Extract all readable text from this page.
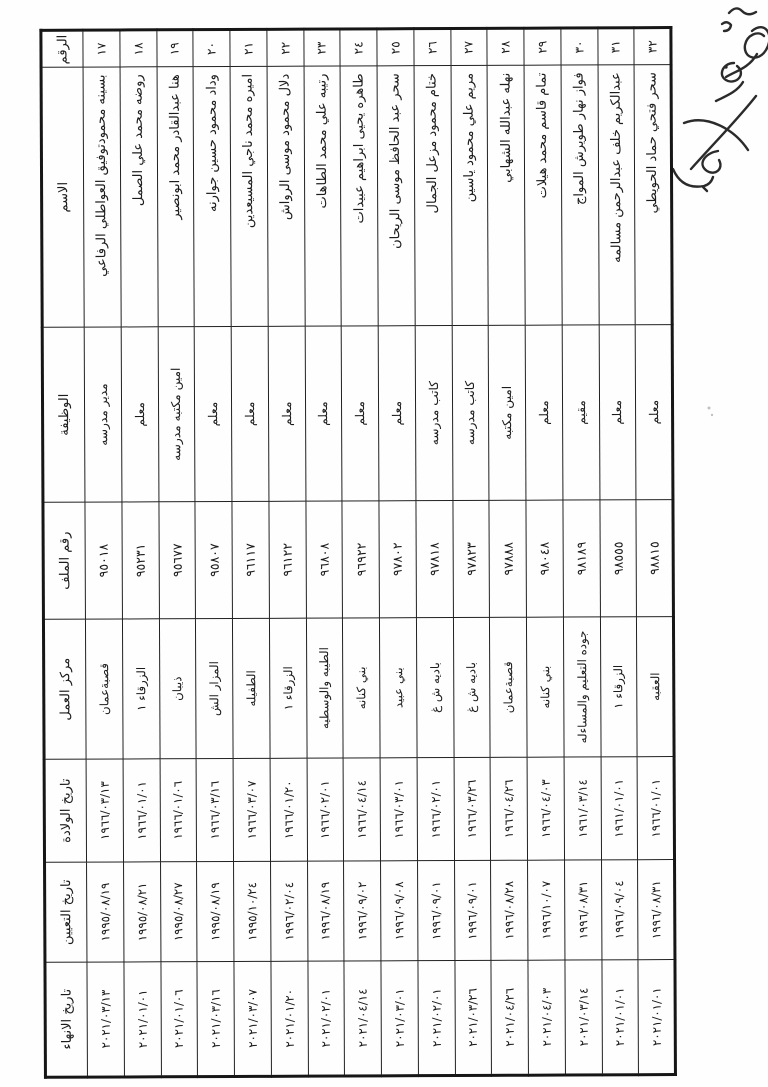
الرقم	الاسم	الوظيفة	رقم الملف	مركز العمل	تاريخ الولادة	تاريخ التعيين	تاريخ الانهاء
١٧	بسينه محمودتوفيق العواطلي الرفاعي	مدير مدرسه	٩٥٠١٨	قصبةعمان	١٩٦٦/٠٣/١٣	١٩٩٥/٠٨/١٩	٢٠٢١/٠٣/١٣
١٨	روضه محمد علي الصمل	معلم	٩٥٢٣١	الزرقاء ١	١٩٦٦/٠١/٠١	١٩٩٥/٠٨/٢١	٢٠٢١/٠١/٠١
١٩	هنا عبدالقادر محمد ابونصير	امين مكتبه مدرسه	٩٥٦٧٧	ذيبان	١٩٦٦/٠١/٠٦	١٩٩٥/٠٨/٢٧	٢٠٢١/٠١/٠٦
٢٠	وداد محمود حسين جوارنه	معلم	٩٥٨٠٧	المزار الش	١٩٦٦/٠٣/١٦	١٩٩٥/٠٨/١٩	٢٠٢١/٠٣/١٦
٢١	اميره محمد ناجي المسيعدين	معلم	٩٦١١٧	الطفيله	١٩٦٦/٠٣/٠٧	١٩٩٥/١٠/٢٤	٢٠٢١/٠٣/٠٧
٢٢	دلال محمود موسى الرواش	معلم	٩٦١٢٢	الزرقاء ١	١٩٦٦/٠١/٢٠	١٩٩٦/٠٢/٠٤	٢٠٢١/٠١/٢٠
٢٣	رتيبه علي محمد الطاهات	معلم	٩٦٨٠٨	الطيبه والوسطيه	١٩٦٦/٠٢/٠١	١٩٩٦/٠٨/١٩	٢٠٢١/٠٢/٠١
٢٤	طاهره يحيى ابراهيم عبيدات	معلم	٩٦٩٢٢	بني كنانه	١٩٦٦/٠٤/١٤	١٩٩٦/٠٩/٠٢	٢٠٢١/٠٤/١٤
٢٥	سحر عبد الحافظ موسى الريحان	معلم	٩٧٨٠٢	بني عبيد	١٩٦٦/٠٣/٠١	١٩٩٦/٠٩/٠٨	٢٠٢١/٠٣/٠١
٢٦	ختام محمود مزعل الجمال	كاتب مدرسه	٩٧٨١٨	باديه ش غ	١٩٦٦/٠٢/٠١	١٩٩٦/٠٩/٠١	٢٠٢١/٠٢/٠١
٢٧	مريم علي محمود ياسين	كاتب مدرسه	٩٧٨٢٣	باديه ش غ	١٩٦٦/٠٣/٢٦	١٩٩٦/٠٩/٠١	٢٠٢١/٠٣/٢٦
٢٨	نهله عبدالله الشهابي	امين مكتبه	٩٧٨٨٨	قصبةعمان	١٩٦٦/٠٤/٢٦	١٩٩٦/٠٨/٢٨	٢٠٢١/٠٤/٢٦
٢٩	تمام قاسم محمد هيلات	معلم	٩٨٠٤٨	بني كنانه	١٩٦٦/٠٤/٠٣	١٩٩٦/١٠/٠٧	٢٠٢١/٠٤/٠٣
٣٠	فواز نهار طويرش المواج	مقيم	٩٨١٨٩	جوده التعليم والمساءله	١٩٦١/٠٣/١٤	١٩٩٦/٠٨/٣١	٢٠٢١/٠٣/١٤
٣١	عبدالكريم خلف عبدالرحمن مسالمه	معلم	٩٨٥٥٥	الزرقاء ١	١٩٦١/٠١/٠١	١٩٩٦/٠٩/٠٤	٢٠٢١/٠١/٠١
٣٢	سحر فتحي حماد الحويطي	معلم	٩٨٨١٥	العقبه	١٩٦٦/٠١/٠١	١٩٩٦/٠٨/٣١	٢٠٢١/٠١/٠١
